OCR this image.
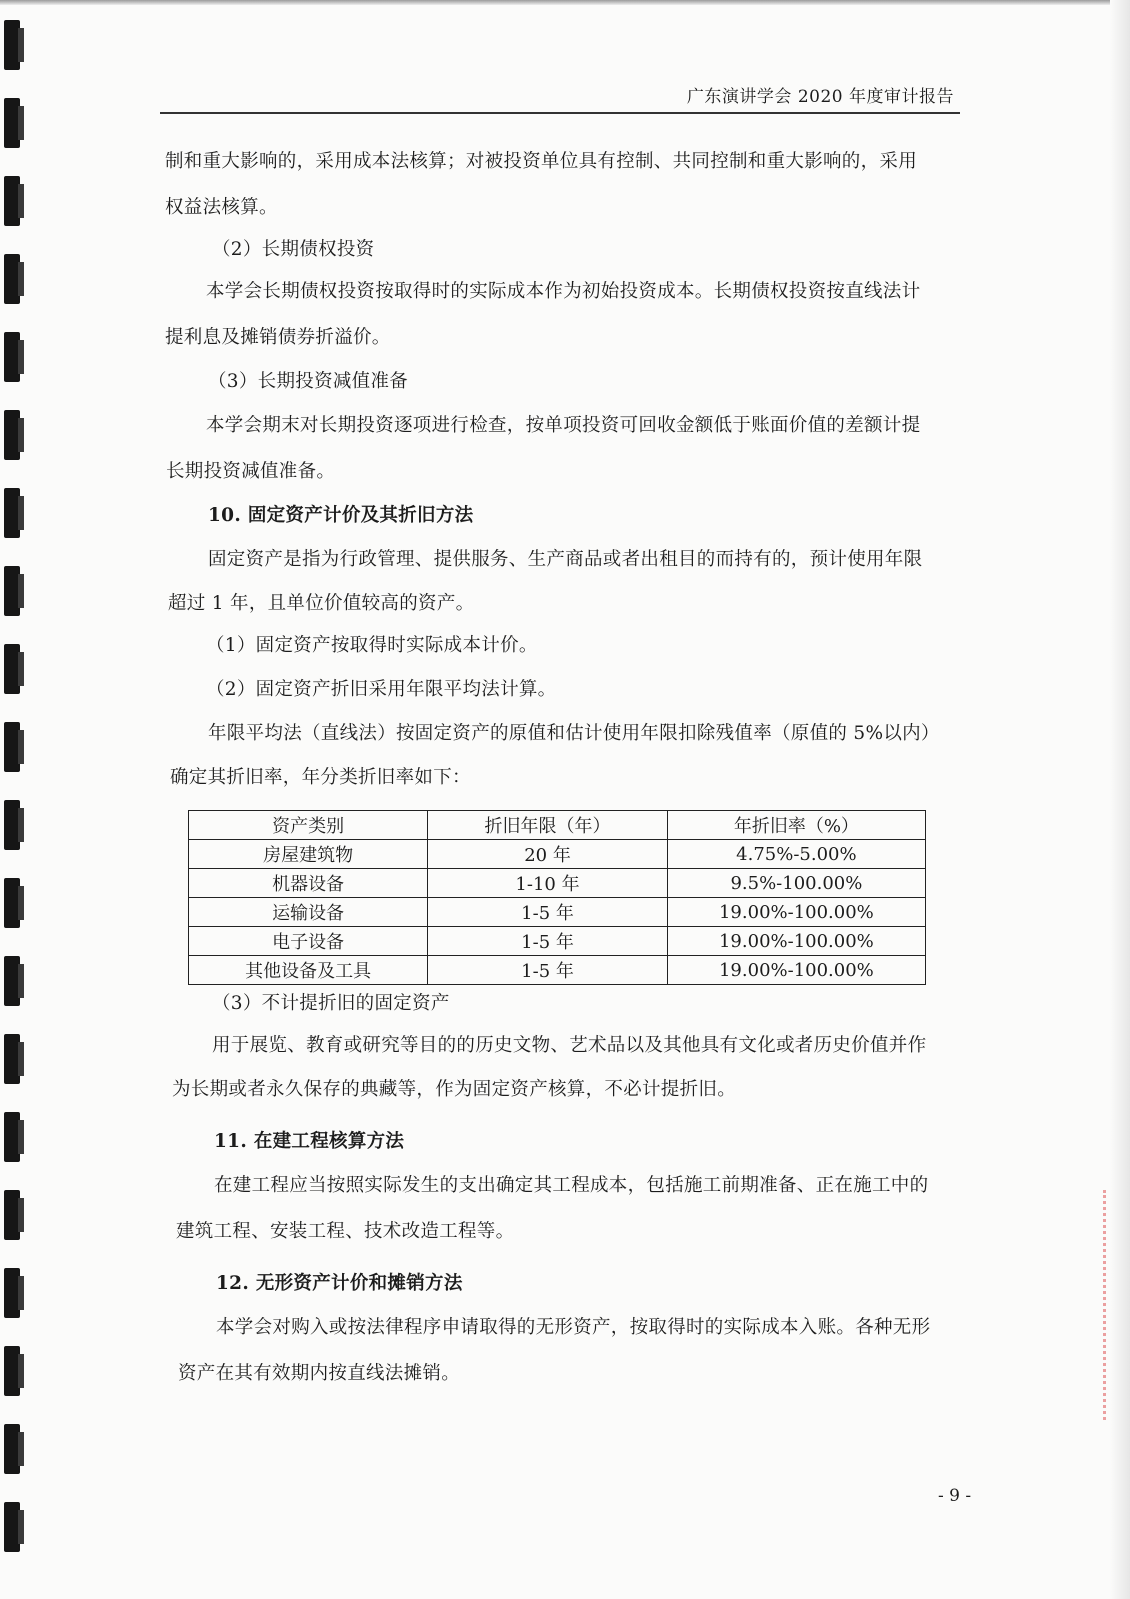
广东演讲学会 2020 年度审计报告

制和重大影响的，采用成本法核算；对被投资单位具有控制、共同控制和重大影响的，采用

权益法核算。

（2）长期债权投资

本学会长期债权投资按取得时的实际成本作为初始投资成本。长期债权投资按直线法计

提利息及摊销债券折溢价。

（3）长期投资减值准备

本学会期末对长期投资逐项进行检查，按单项投资可回收金额低于账面价值的差额计提

长期投资减值准备。

10. 固定资产计价及其折旧方法

固定资产是指为行政管理、提供服务、生产商品或者出租目的而持有的，预计使用年限

超过 1 年，且单位价值较高的资产。

（1）固定资产按取得时实际成本计价。

（2）固定资产折旧采用年限平均法计算。

年限平均法（直线法）按固定资产的原值和估计使用年限扣除残值率（原值的 5%以内）

确定其折旧率，年分类折旧率如下：

资产类别	折旧年限（年）	年折旧率（%）
房屋建筑物	20 年	4.75%-5.00%
机器设备	1-10 年	9.5%-100.00%
运输设备	1-5 年	19.00%-100.00%
电子设备	1-5 年	19.00%-100.00%
其他设备及工具	1-5 年	19.00%-100.00%

（3）不计提折旧的固定资产

用于展览、教育或研究等目的的历史文物、艺术品以及其他具有文化或者历史价值并作

为长期或者永久保存的典藏等，作为固定资产核算，不必计提折旧。

11. 在建工程核算方法

在建工程应当按照实际发生的支出确定其工程成本，包括施工前期准备、正在施工中的

建筑工程、安装工程、技术改造工程等。

12. 无形资产计价和摊销方法

本学会对购入或按法律程序申请取得的无形资产，按取得时的实际成本入账。各种无形

资产在其有效期内按直线法摊销。

- 9 -
